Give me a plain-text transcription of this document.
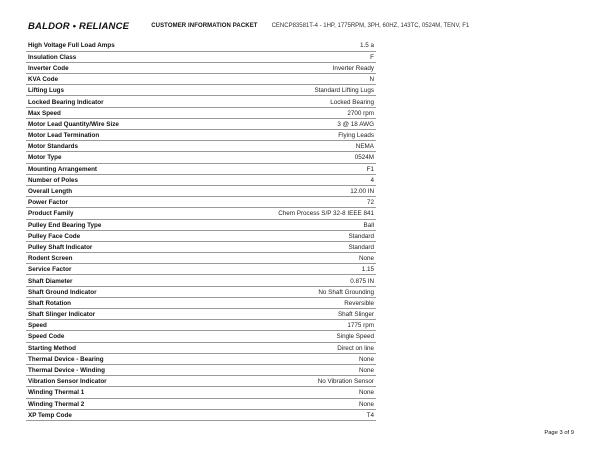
BALDOR • RELIANCE	CUSTOMER INFORMATION PACKET CENCP83581T-4 - 1HP, 1775RPM, 3PH, 60HZ, 143TC, 0524M, TENV, F1
High Voltage Full Load Amps	1.5 a
Insulation Class	F
Inverter Code	Inverter Ready
KVA Code	N
Lifting Lugs	Standard Lifting Lugs
Locked Bearing Indicator	Locked Bearing
Max Speed	2700 rpm
Motor Lead Quantity/Wire Size	3 @ 18 AWG
Motor Lead Termination	Flying Leads
Motor Standards	NEMA
Motor Type	0524M
Mounting Arrangement	F1
Number of Poles	4
Overall Length	12.00 IN
Power Factor	72
Product Family	Chem Process S/P 32-8 IEEE 841
Pulley End Bearing Type	Ball
Pulley Face Code	Standard
Pulley Shaft Indicator	Standard
Rodent Screen	None
Service Factor	1.15
Shaft Diameter	0.875 IN
Shaft Ground Indicator	No Shaft Grounding
Shaft Rotation	Reversible
Shaft Slinger Indicator	Shaft Slinger
Speed	1775 rpm
Speed Code	Single Speed
Starting Method	Direct on line
Thermal Device - Bearing	None
Thermal Device - Winding	None
Vibration Sensor Indicator	No Vibration Sensor
Winding Thermal 1	None
Winding Thermal 2	None
XP Temp Code	T4
Page 3 of 9
